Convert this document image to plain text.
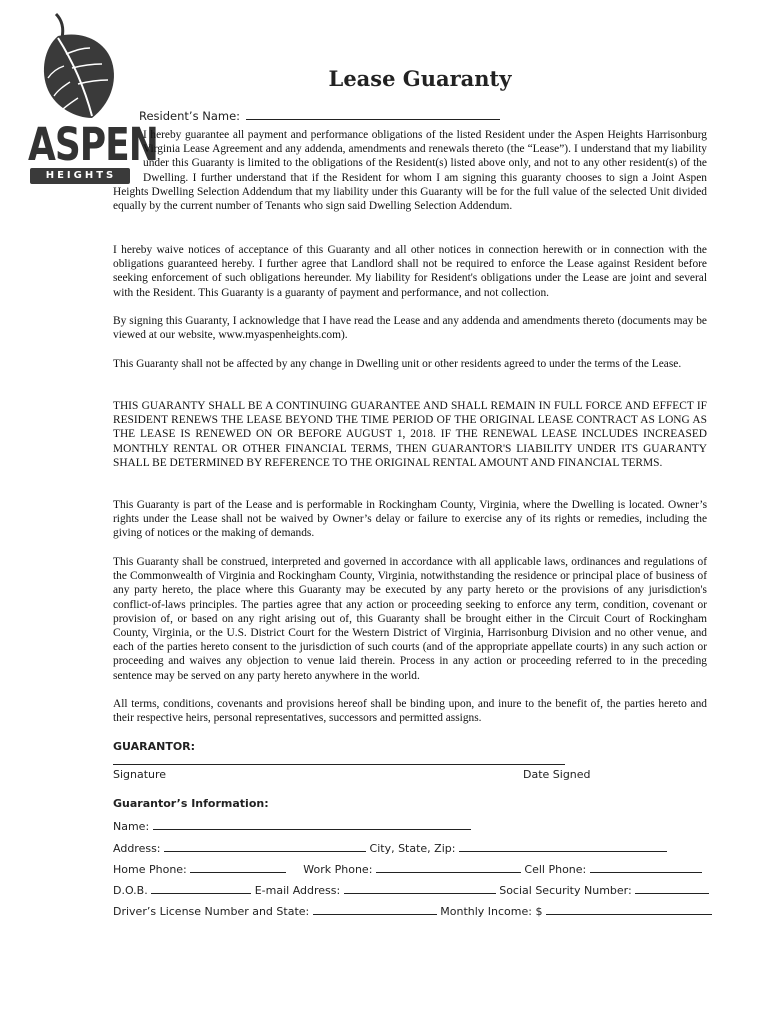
ASPEN
HEIGHTS
Lease Guaranty
Resident’s Name:

I hereby guarantee all payment and performance obligations of the listed Resident under the Aspen Heights Harrisonburg Virginia Lease Agreement and any addenda, amendments and renewals thereto (the “Lease”). I understand that my liability under this Guaranty is limited to the obligations of the Resident(s) listed above only, and not to any other resident(s) of the Dwelling. I further understand that if the Resident for whom I am signing this guaranty chooses to sign a Joint Aspen Heights Dwelling Selection Addendum that my liability under this Guaranty will be for the full value of the selected Unit divided equally by the current number of Tenants who sign said Dwelling Selection Addendum.

I hereby waive notices of acceptance of this Guaranty and all other notices in connection herewith or in connection with the obligations guaranteed hereby. I further agree that Landlord shall not be required to enforce the Lease against Resident before seeking enforcement of such obligations hereunder. My liability for Resident's obligations under the Lease are joint and several with the Resident. This Guaranty is a guaranty of payment and performance, and not collection.

By signing this Guaranty, I acknowledge that I have read the Lease and any addenda and amendments thereto (documents may be viewed at our website, www.myaspenheights.com).

This Guaranty shall not be affected by any change in Dwelling unit or other residents agreed to under the terms of the Lease.

THIS GUARANTY SHALL BE A CONTINUING GUARANTEE AND SHALL REMAIN IN FULL FORCE AND EFFECT IF RESIDENT RENEWS THE LEASE BEYOND THE TIME PERIOD OF THE ORIGINAL LEASE CONTRACT AS LONG AS THE LEASE IS RENEWED ON OR BEFORE AUGUST 1, 2018. IF THE RENEWAL LEASE INCLUDES INCREASED MONTHLY RENTAL OR OTHER FINANCIAL TERMS, THEN GUARANTOR'S LIABILITY UNDER ITS GUARANTY SHALL BE DETERMINED BY REFERENCE TO THE ORIGINAL RENTAL AMOUNT AND FINANCIAL TERMS.

This Guaranty is part of the Lease and is performable in Rockingham County, Virginia, where the Dwelling is located. Owner’s rights under the Lease shall not be waived by Owner’s delay or failure to exercise any of its rights or remedies, including the giving of notices or the making of demands.

This Guaranty shall be construed, interpreted and governed in accordance with all applicable laws, ordinances and regulations of the Commonwealth of Virginia and Rockingham County, Virginia, notwithstanding the residence or principal place of business of any party hereto, the place where this Guaranty may be executed by any party hereto or the provisions of any jurisdiction's conflict-of-laws principles. The parties agree that any action or proceeding seeking to enforce any term, condition, covenant or provision of, or based on any right arising out of, this Guaranty shall be brought either in the Circuit Court of Rockingham County, Virginia, or the U.S. District Court for the Western District of Virginia, Harrisonburg Division and no other venue, and each of the parties hereto consent to the jurisdiction of such courts (and of the appropriate appellate courts) in any such action or proceeding and waives any objection to venue laid therein. Process in any action or proceeding referred to in the preceding sentence may be served on any party hereto anywhere in the world.

All terms, conditions, covenants and provisions hereof shall be binding upon, and inure to the benefit of, the parties hereto and their respective heirs, personal representatives, successors and permitted assigns.

GUARANTOR:
Signature	Date Signed
Guarantor’s Information:
Name:
Address:	City, State, Zip:
Home Phone:	Work Phone:	Cell Phone:
D.O.B.	E-mail Address:	Social Security Number:
Driver’s License Number and State:	Monthly Income: $
